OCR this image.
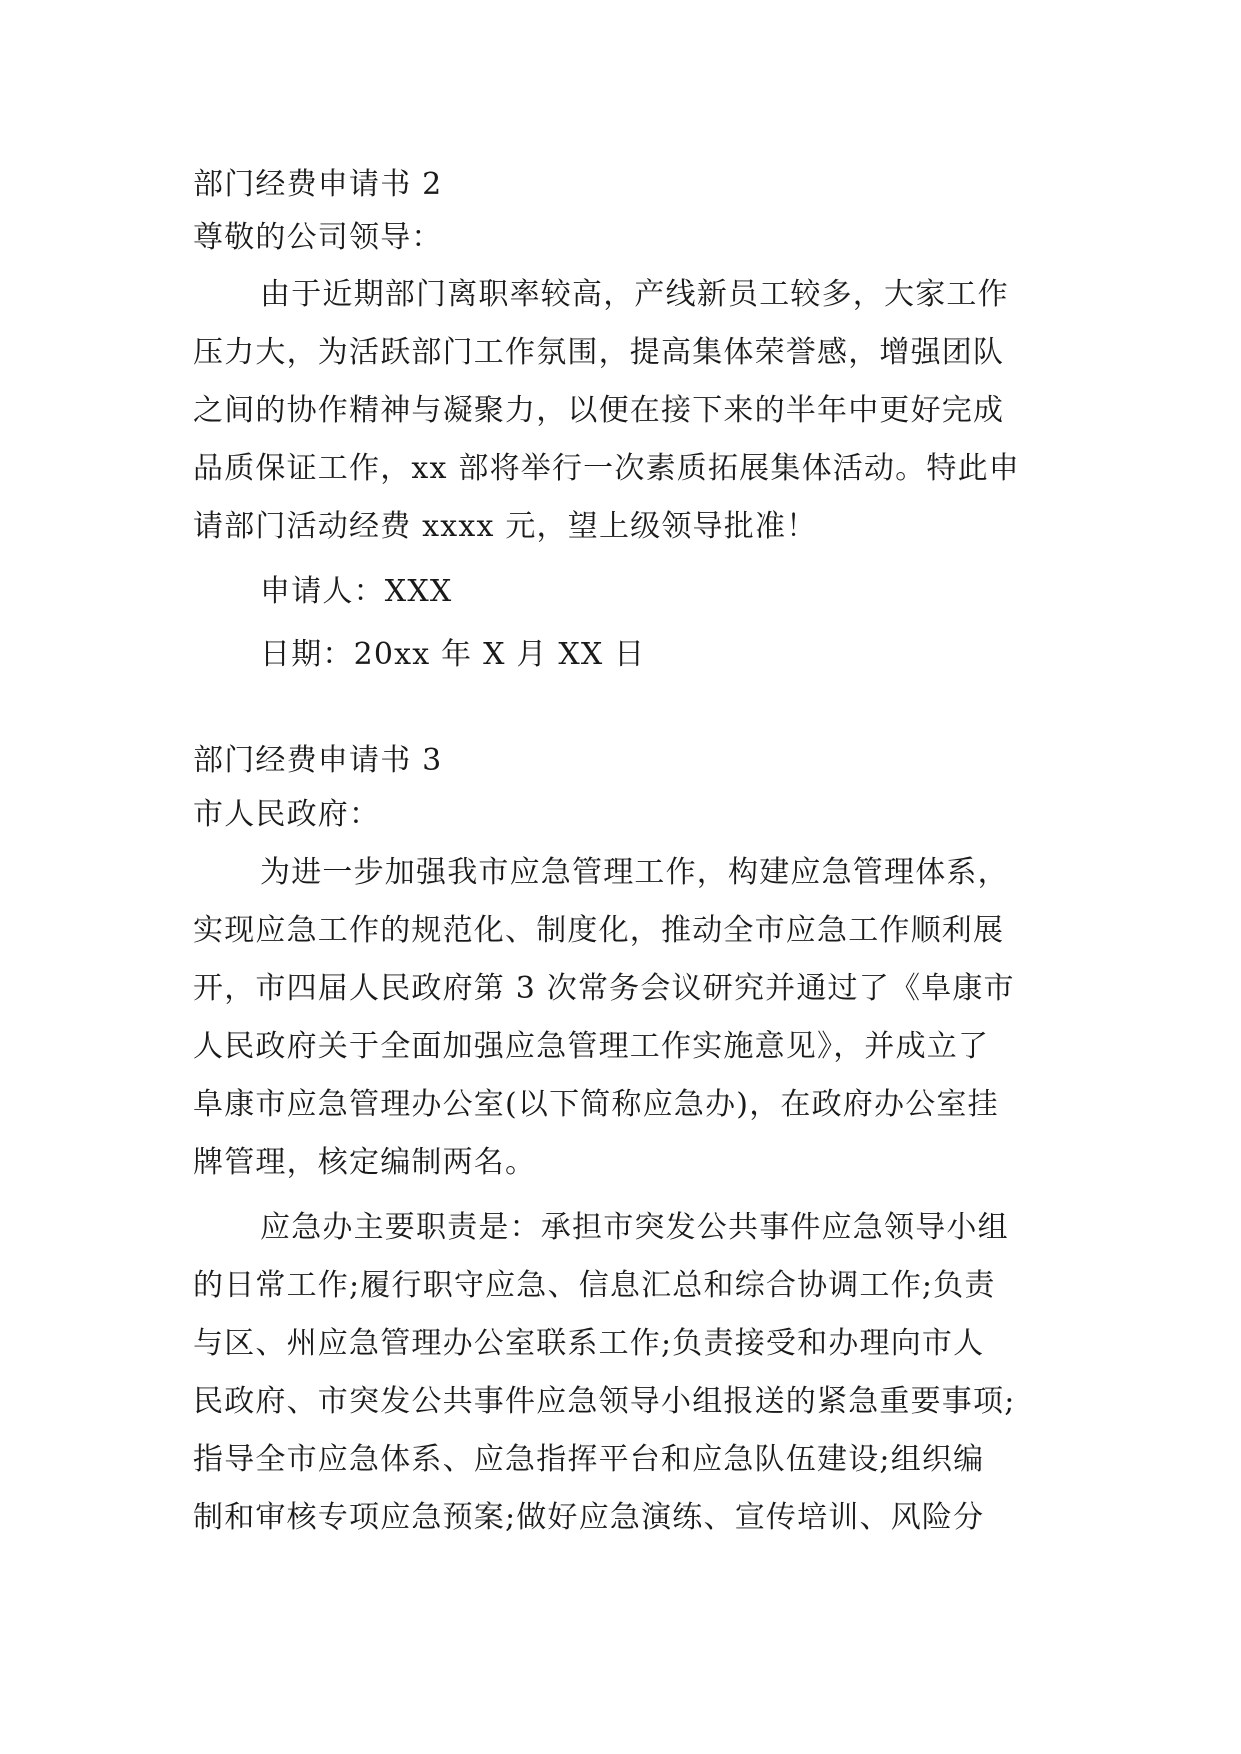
部门经费申请书 2
尊敬的公司领导：
由于近期部门离职率较高，产线新员工较多，大家工作
压力大，为活跃部门工作氛围，提高集体荣誉感，增强团队
之间的协作精神与凝聚力，以便在接下来的半年中更好完成
品质保证工作，xx 部将举行一次素质拓展集体活动。特此申
请部门活动经费 xxxx 元，望上级领导批准！
申请人：XXX
日期：20xx 年 X 月 XX 日
部门经费申请书 3
市人民政府：
为进一步加强我市应急管理工作，构建应急管理体系，
实现应急工作的规范化、制度化，推动全市应急工作顺利展
开，市四届人民政府第 3 次常务会议研究并通过了《阜康市
人民政府关于全面加强应急管理工作实施意见》，并成立了
阜康市应急管理办公室(以下简称应急办)，在政府办公室挂
牌管理，核定编制两名。
应急办主要职责是：承担市突发公共事件应急领导小组
的日常工作;履行职守应急、信息汇总和综合协调工作;负责
与区、州应急管理办公室联系工作;负责接受和办理向市人
民政府、市突发公共事件应急领导小组报送的紧急重要事项;
指导全市应急体系、应急指挥平台和应急队伍建设;组织编
制和审核专项应急预案;做好应急演练、宣传培训、风险分
